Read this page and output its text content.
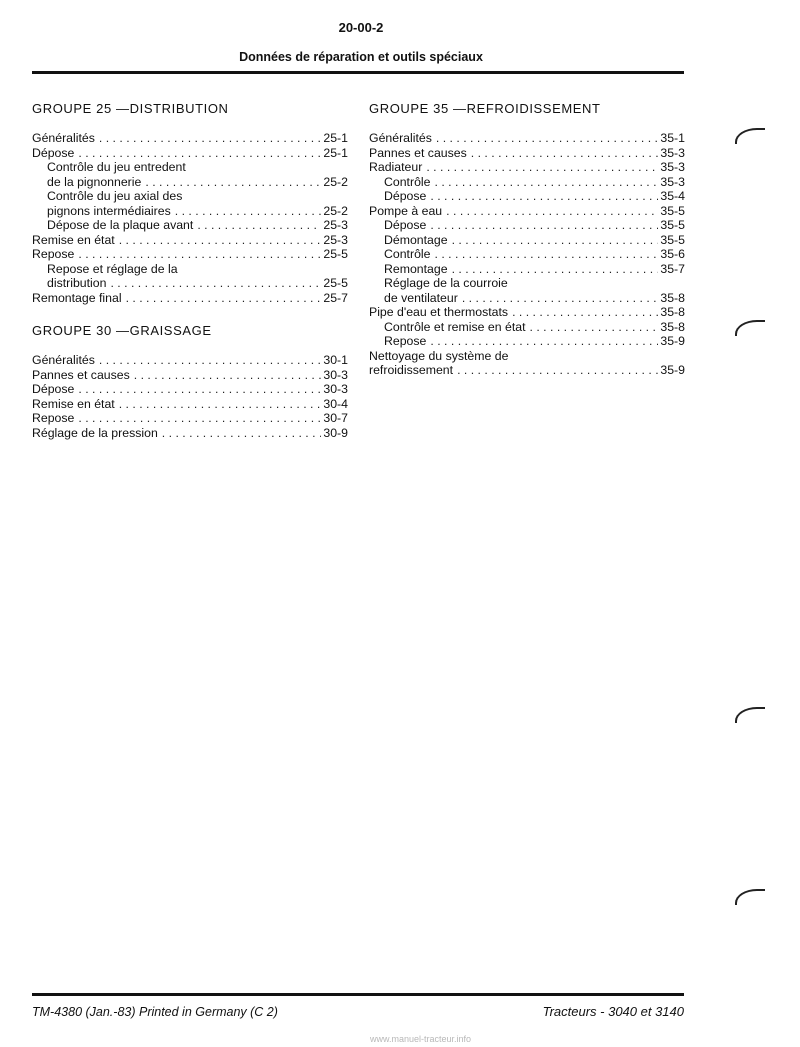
20-00-2
Données de réparation et outils spéciaux
GROUPE 25 —DISTRIBUTION
Généralités . . .	25-1
Dépose . . .	25-1
Contrôle du jeu entredent
de la pignonnerie . . .	25-2
Contrôle du jeu axial des
pignons intermédiaires . . .	25-2
Dépose de la plaque avant . . .	25-3
Remise en état . . .	25-3
Repose . . .	25-5
Repose et réglage de la
distribution . . .	25-5
Remontage final . . .	25-7
GROUPE 30 —GRAISSAGE
Généralités . . .	30-1
Pannes et causes . . .	30-3
Dépose . . .	30-3
Remise en état . . .	30-4
Repose . . .	30-7
Réglage de la pression . . .	30-9
GROUPE 35 —REFROIDISSEMENT
Généralités . . .	35-1
Pannes et causes . . .	35-3
Radiateur . . .	35-3
Contrôle . . .	35-3
Dépose . . .	35-4
Pompe à eau . . .	35-5
Dépose . . .	35-5
Démontage . . .	35-5
Contrôle . . .	35-6
Remontage . . .	35-7
Réglage de la courroie
de ventilateur . . .	35-8
Pipe d'eau et thermostats . . .	35-8
Contrôle et remise en état . . .	35-8
Repose . . .	35-9
Nettoyage du système de
refroidissement . . .	35-9
TM-4380 (Jan.-83) Printed in Germany (C 2)	Tracteurs - 3040 et 3140
www.manuel-tracteur.info
